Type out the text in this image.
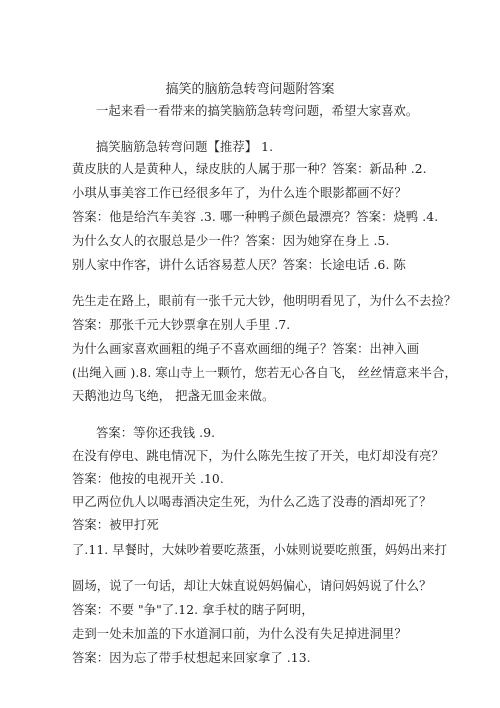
搞笑的脑筋急转弯问题附答案
一起来看一看带来的搞笑脑筋急转弯问题，希望大家喜欢。
搞笑脑筋急转弯问题【推荐】 1.
黄皮肤的人是黄种人，绿皮肤的人属于那一种？答案：新品种 .2.
小琪从事美容工作已经很多年了，为什么连个眼影都画不好？
答案：他是给汽车美容 .3. 哪一种鸭子颜色最漂亮？答案：烧鸭 .4.
为什么女人的衣服总是少一件？答案：因为她穿在身上 .5.
别人家中作客，讲什么话容易惹人厌？答案：长途电话 .6. 陈
先生走在路上，眼前有一张千元大钞，他明明看见了，为什么不去捡？
答案：那张千元大钞票拿在别人手里 .7.
为什么画家喜欢画粗的绳子不喜欢画细的绳子？答案：出神入画
(出绳入画 ).8. 寒山寺上一颗竹，您若无心各自飞， 丝丝情意来半合，
天鹅池边鸟飞绝， 把盏无皿金来做。
答案：等你还我钱 .9.
在没有停电、跳电情况下，为什么陈先生按了开关，电灯却没有亮？
答案：他按的电视开关 .10.
甲乙两位仇人以喝毒酒决定生死，为什么乙选了没毒的酒却死了？
答案：被甲打死
了.11. 早餐时，大妹吵着要吃蒸蛋，小妹则说要吃煎蛋，妈妈出来打
圆场，说了一句话，却让大妹直说妈妈偏心，请问妈妈说了什么？
答案：不要 "争"了.12. 拿手杖的瞎子阿明，
走到一处未加盖的下水道洞口前，为什么没有失足掉进洞里？
答案：因为忘了带手杖想起来回家拿了 .13.
